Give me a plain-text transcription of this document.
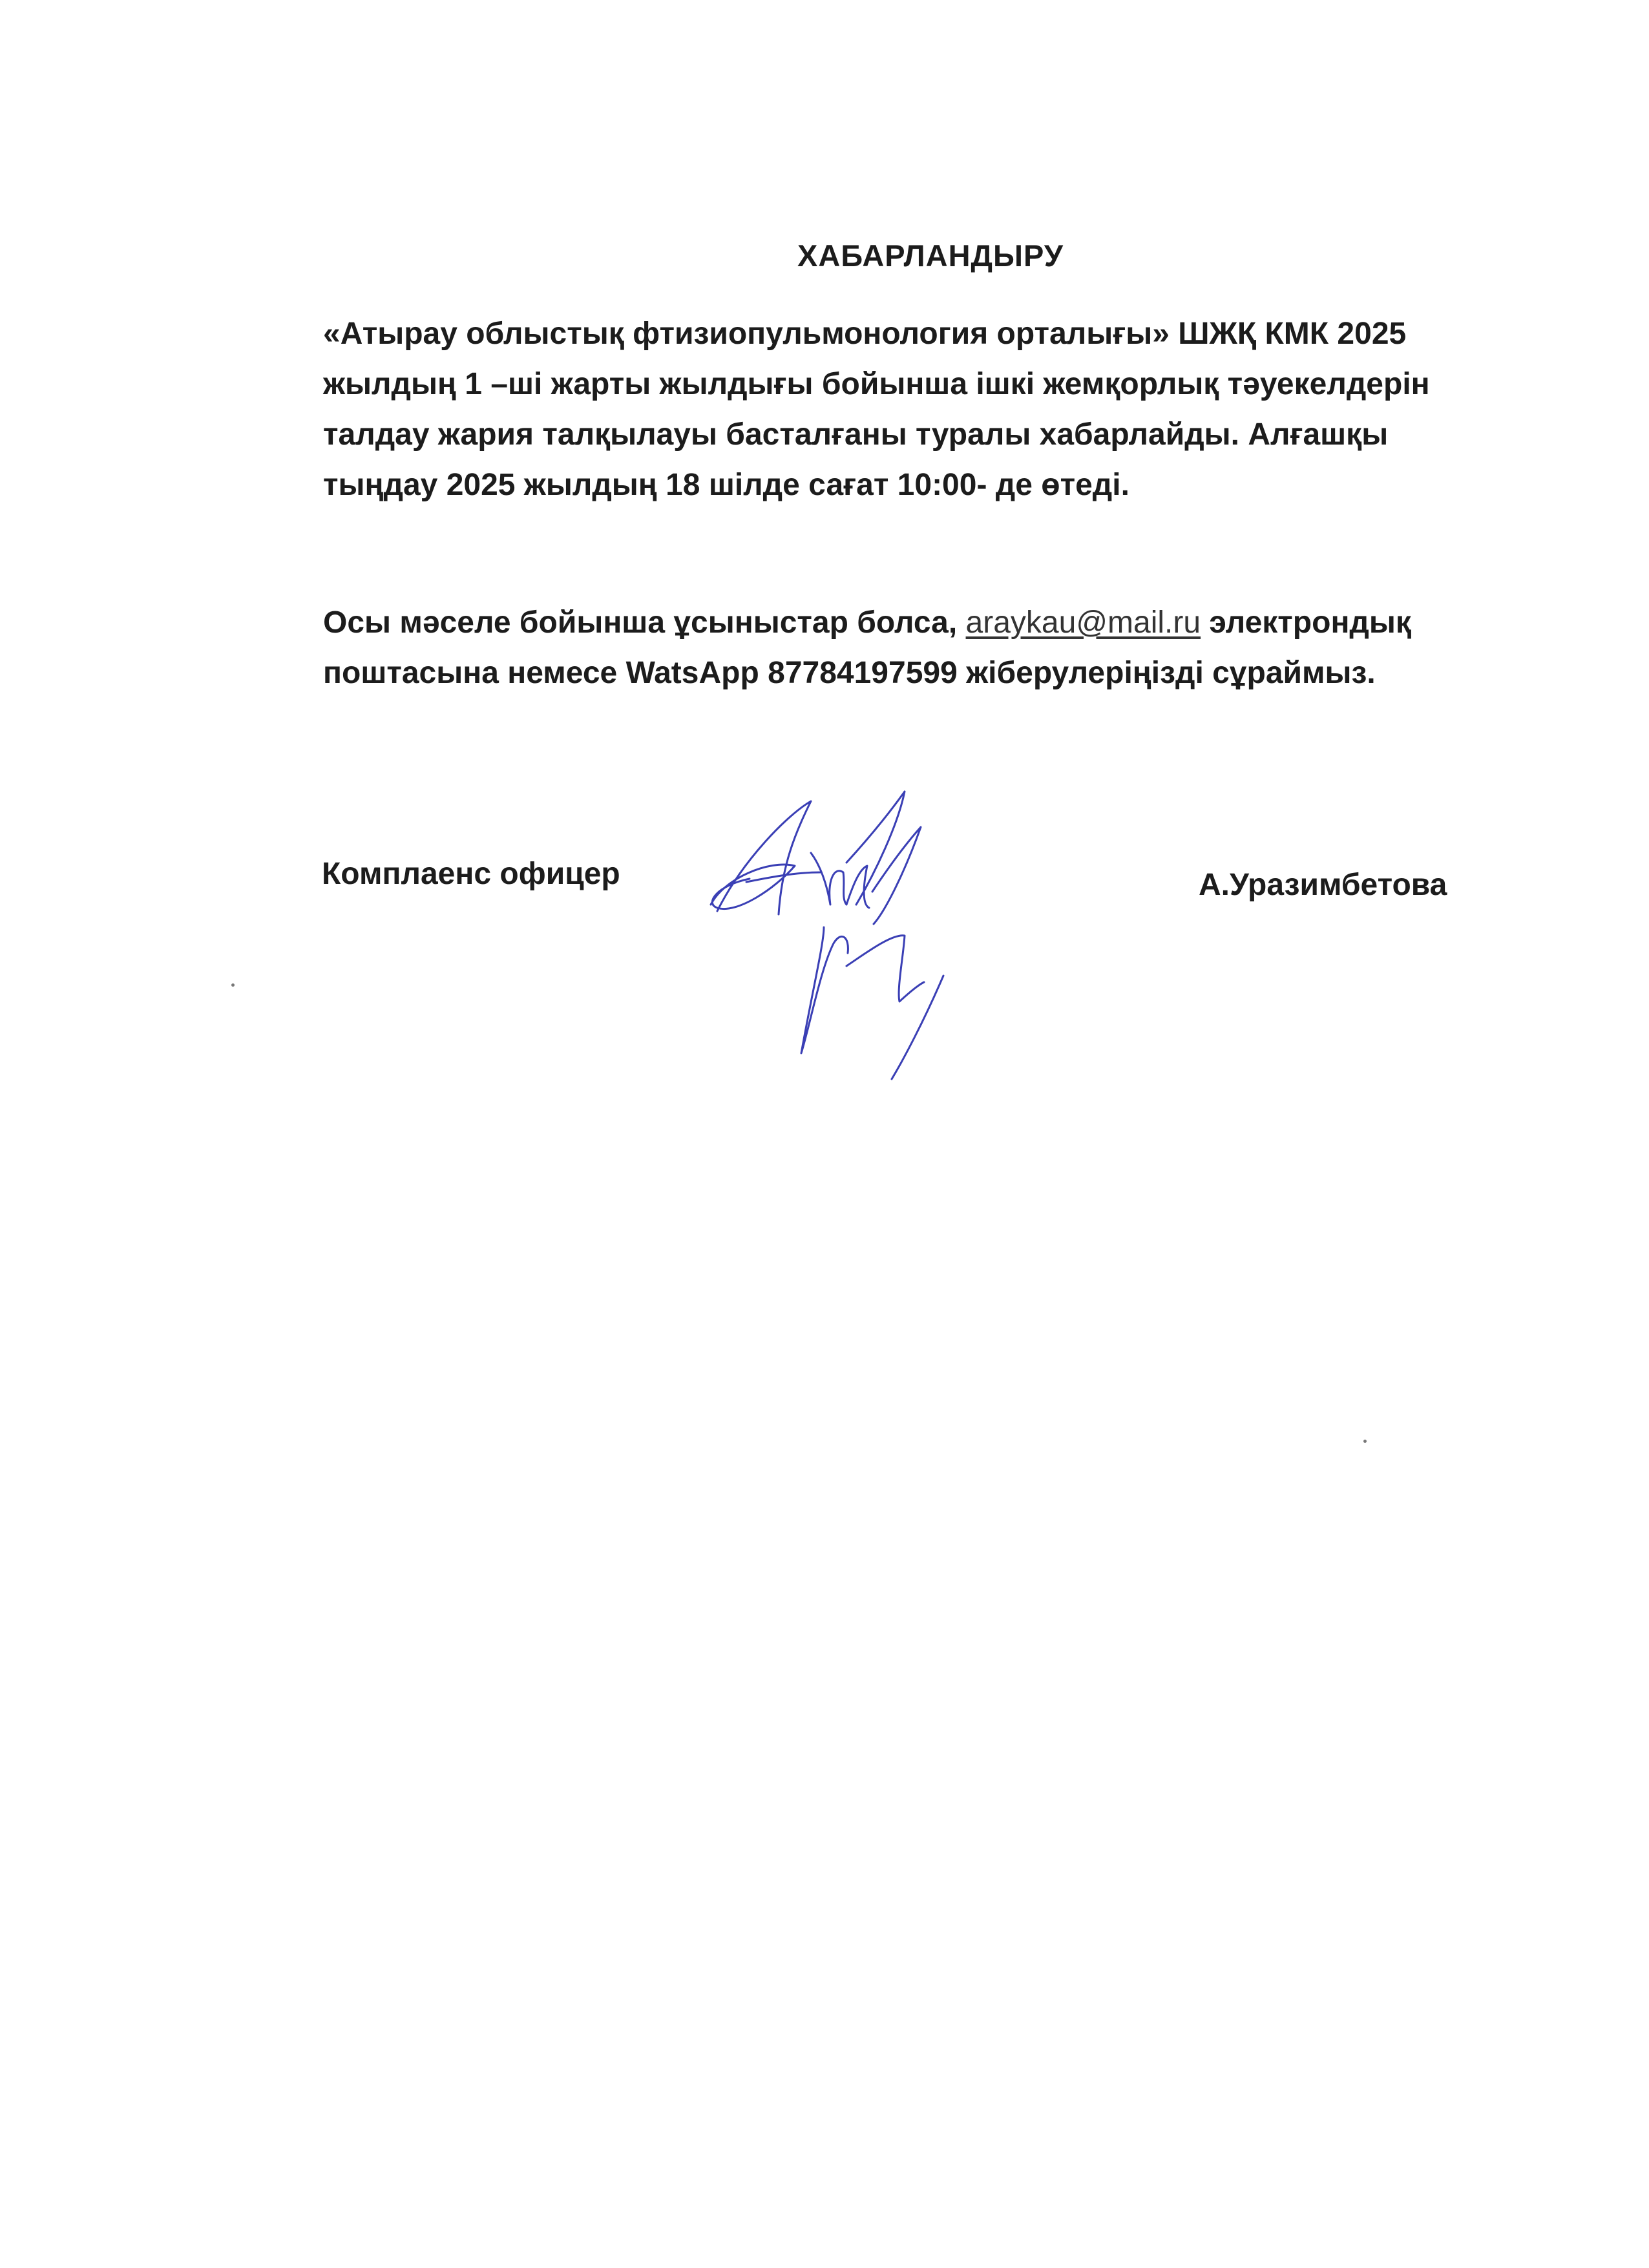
ХАБАРЛАНДЫРУ
«Атырау облыстық фтизиопульмонология орталығы» ШЖҚ КМК 2025
жылдың 1 –ші жарты жылдығы бойынша ішкі жемқорлық тәуекелдерін
талдау жария талқылауы басталғаны туралы хабарлайды. Алғашқы
тыңдау 2025 жылдың 18 шілде сағат 10:00- де өтеді.
Осы мәселе бойынша ұсыныстар болса, araykau@mail.ru электрондық
поштасына немесе WatsApp 87784197599 жіберулеріңізді сұраймыз.
Комплаенс офицер	А.Уразимбетова
